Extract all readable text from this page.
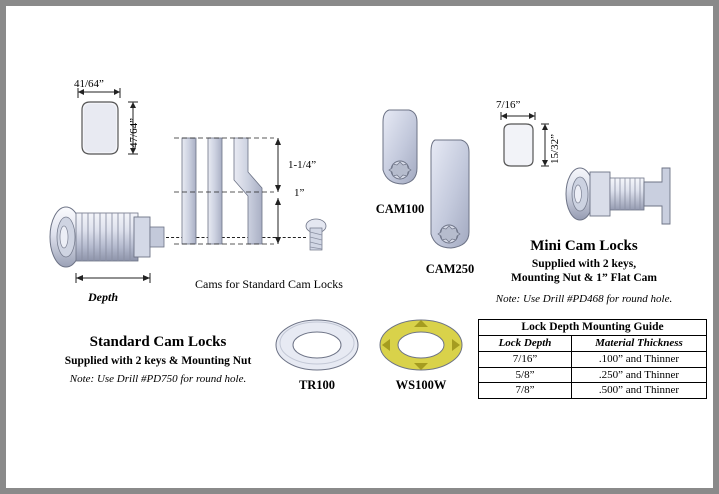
41/64”
47/64”
Depth
1-1/4”
1”
Cams for Standard Cam Locks
CAM100
CAM250
7/16”
15/32”
TR100	WS100W
Mini Cam Locks
Supplied with 2 keys,
Mounting Nut & 1” Flat Cam
Note: Use Drill #PD468 for round hole.
Standard Cam Locks
Supplied with 2 keys & Mounting Nut
Note: Use Drill #PD750 for round hole.
Lock Depth Mounting Guide	
Lock Depth	Material Thickness
7/16”	.100” and Thinner
5/8”	.250” and Thinner
7/8”	.500” and Thinner
